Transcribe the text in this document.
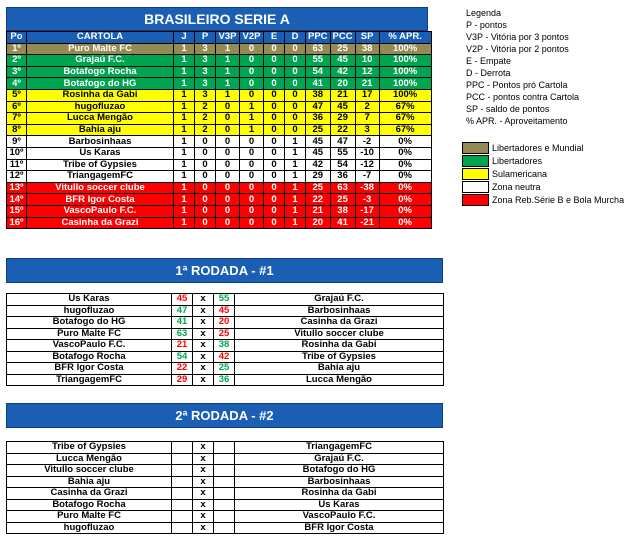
BRASILEIRO SERIE A
Po	CARTOLA	J	P	V3P	V2P	E	D	PPC	PCC	SP	% APR.
1º	Puro Malte FC	1	3	1	0	0	0	63	25	38	100%
2º	Grajaú F.C.	1	3	1	0	0	0	55	45	10	100%
3º	Botafogo Rocha	1	3	1	0	0	0	54	42	12	100%
4º	Botafogo do HG	1	3	1	0	0	0	41	20	21	100%
5º	Rosinha da Gabi	1	3	1	0	0	0	38	21	17	100%
6º	hugofluzao	1	2	0	1	0	0	47	45	2	67%
7º	Lucca Mengão	1	2	0	1	0	0	36	29	7	67%
8º	Bahia aju	1	2	0	1	0	0	25	22	3	67%
9º	Barbosinhaas	1	0	0	0	0	1	45	47	-2	0%
10º	Us Karas	1	0	0	0	0	1	45	55	-10	0%
11º	Tribe of Gypsies	1	0	0	0	0	1	42	54	-12	0%
12º	TriangagemFC	1	0	0	0	0	1	29	36	-7	0%
13º	Vitullo soccer clube	1	0	0	0	0	1	25	63	-38	0%
14º	BFR Igor Costa	1	0	0	0	0	1	22	25	-3	0%
15º	VascoPaulo F.C.	1	0	0	0	0	1	21	38	-17	0%
16º	Casinha da Grazi	1	0	0	0	0	1	20	41	-21	0%
Legenda
P - pontos
V3P - Vitória por 3 pontos
V2P - Vitória por 2 pontos
E - Empate
D - Derrota
PPC - Pontos pró Cartola
PCC - pontos contra Cartola
SP - saldo de pontos
% APR. - Aproveitamento
Libertadores e Mundial
Libertadores
Sulamericana
Zona neutra
Zona Reb.Série B e Bola Murcha
1ª RODADA - #1
Us Karas	45	x	55	Grajaú F.C.
hugofluzao	47	x	45	Barbosinhaas
Botafogo do HG	41	x	20	Casinha da Grazi
Puro Malte FC	63	x	25	Vitullo soccer clube
VascoPaulo F.C.	21	x	38	Rosinha da Gabi
Botafogo Rocha	54	x	42	Tribe of Gypsies
BFR Igor Costa	22	x	25	Bahia aju
TriangagemFC	29	x	36	Lucca Mengão
2ª RODADA - #2
Tribe of Gypsies		x		TriangagemFC
Lucca Mengão		x		Grajaú F.C.
Vitullo soccer clube		x		Botafogo do HG
Bahia aju		x		Barbosinhaas
Casinha da Grazi		x		Rosinha da Gabi
Botafogo Rocha		x		Us Karas
Puro Malte FC		x		VascoPaulo F.C.
hugofluzao		x		BFR Igor Costa
